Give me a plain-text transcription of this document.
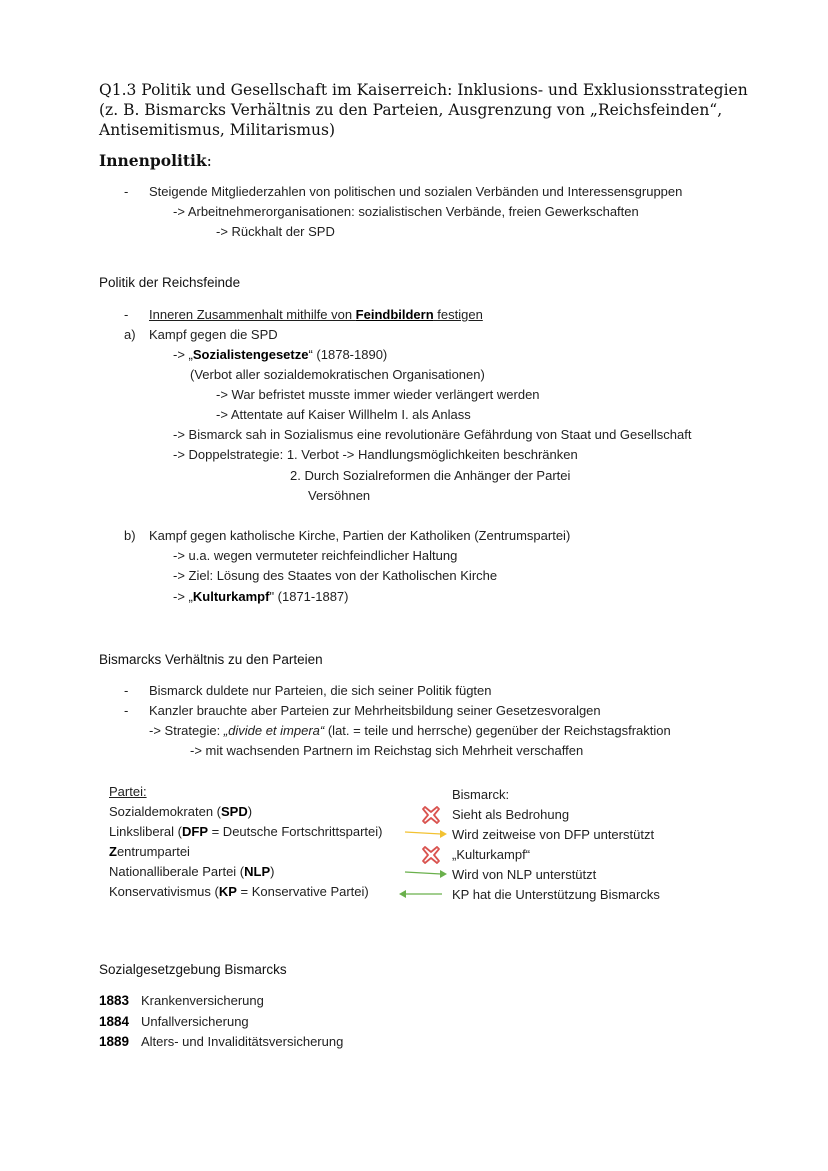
Q1.3 Politik und Gesellschaft im Kaiserreich: Inklusions- und Exklusionsstrategien
(z. B. Bismarcks Verhältnis zu den Parteien, Ausgrenzung von „Reichsfeinden“,
Antisemitismus, Militarismus)
Innenpolitik:
- Steigende Mitgliederzahlen von politischen und sozialen Verbänden und Interessensgruppen
-> Arbeitnehmerorganisationen: sozialistischen Verbände, freien Gewerkschaften
-> Rückhalt der SPD
Politik der Reichsfeinde
- Inneren Zusammenhalt mithilfe von Feindbildern festigen
a) Kampf gegen die SPD
-> „Sozialistengesetze“ (1878-1890)
(Verbot aller sozialdemokratischen Organisationen)
-> War befristet musste immer wieder verlängert werden
-> Attentate auf Kaiser Willhelm I. als Anlass
-> Bismarck sah in Sozialismus eine revolutionäre Gefährdung von Staat und Gesellschaft
-> Doppelstrategie: 1. Verbot -> Handlungsmöglichkeiten beschränken
2. Durch Sozialreformen die Anhänger der Partei
Versöhnen
b) Kampf gegen katholische Kirche, Partien der Katholiken (Zentrumspartei)
-> u.a. wegen vermuteter reichfeindlicher Haltung
-> Ziel: Lösung des Staates von der Katholischen Kirche
-> „Kulturkampf" (1871-1887)
Bismarcks Verhältnis zu den Parteien
- Bismarck duldete nur Parteien, die sich seiner Politik fügten
- Kanzler brauchte aber Parteien zur Mehrheitsbildung seiner Gesetzesvoralgen
-> Strategie: „divide et impera“ (lat. = teile und herrsche) gegenüber der Reichstagsfraktion
-> mit wachsenden Partnern im Reichstag sich Mehrheit verschaffen
Partei:	Bismarck:
Sozialdemokraten (SPD)	Sieht als Bedrohung
Linksliberal (DFP = Deutsche Fortschrittspartei)	Wird zeitweise von DFP unterstützt
Zentrumpartei	„Kulturkampf“
Nationalliberale Partei (NLP)	Wird von NLP unterstützt
Konservativismus (KP = Konservative Partei)	KP hat die Unterstützung Bismarcks
Sozialgesetzgebung Bismarcks
1883 Krankenversicherung
1884 Unfallversicherung
1889 Alters- und Invaliditätsversicherung
